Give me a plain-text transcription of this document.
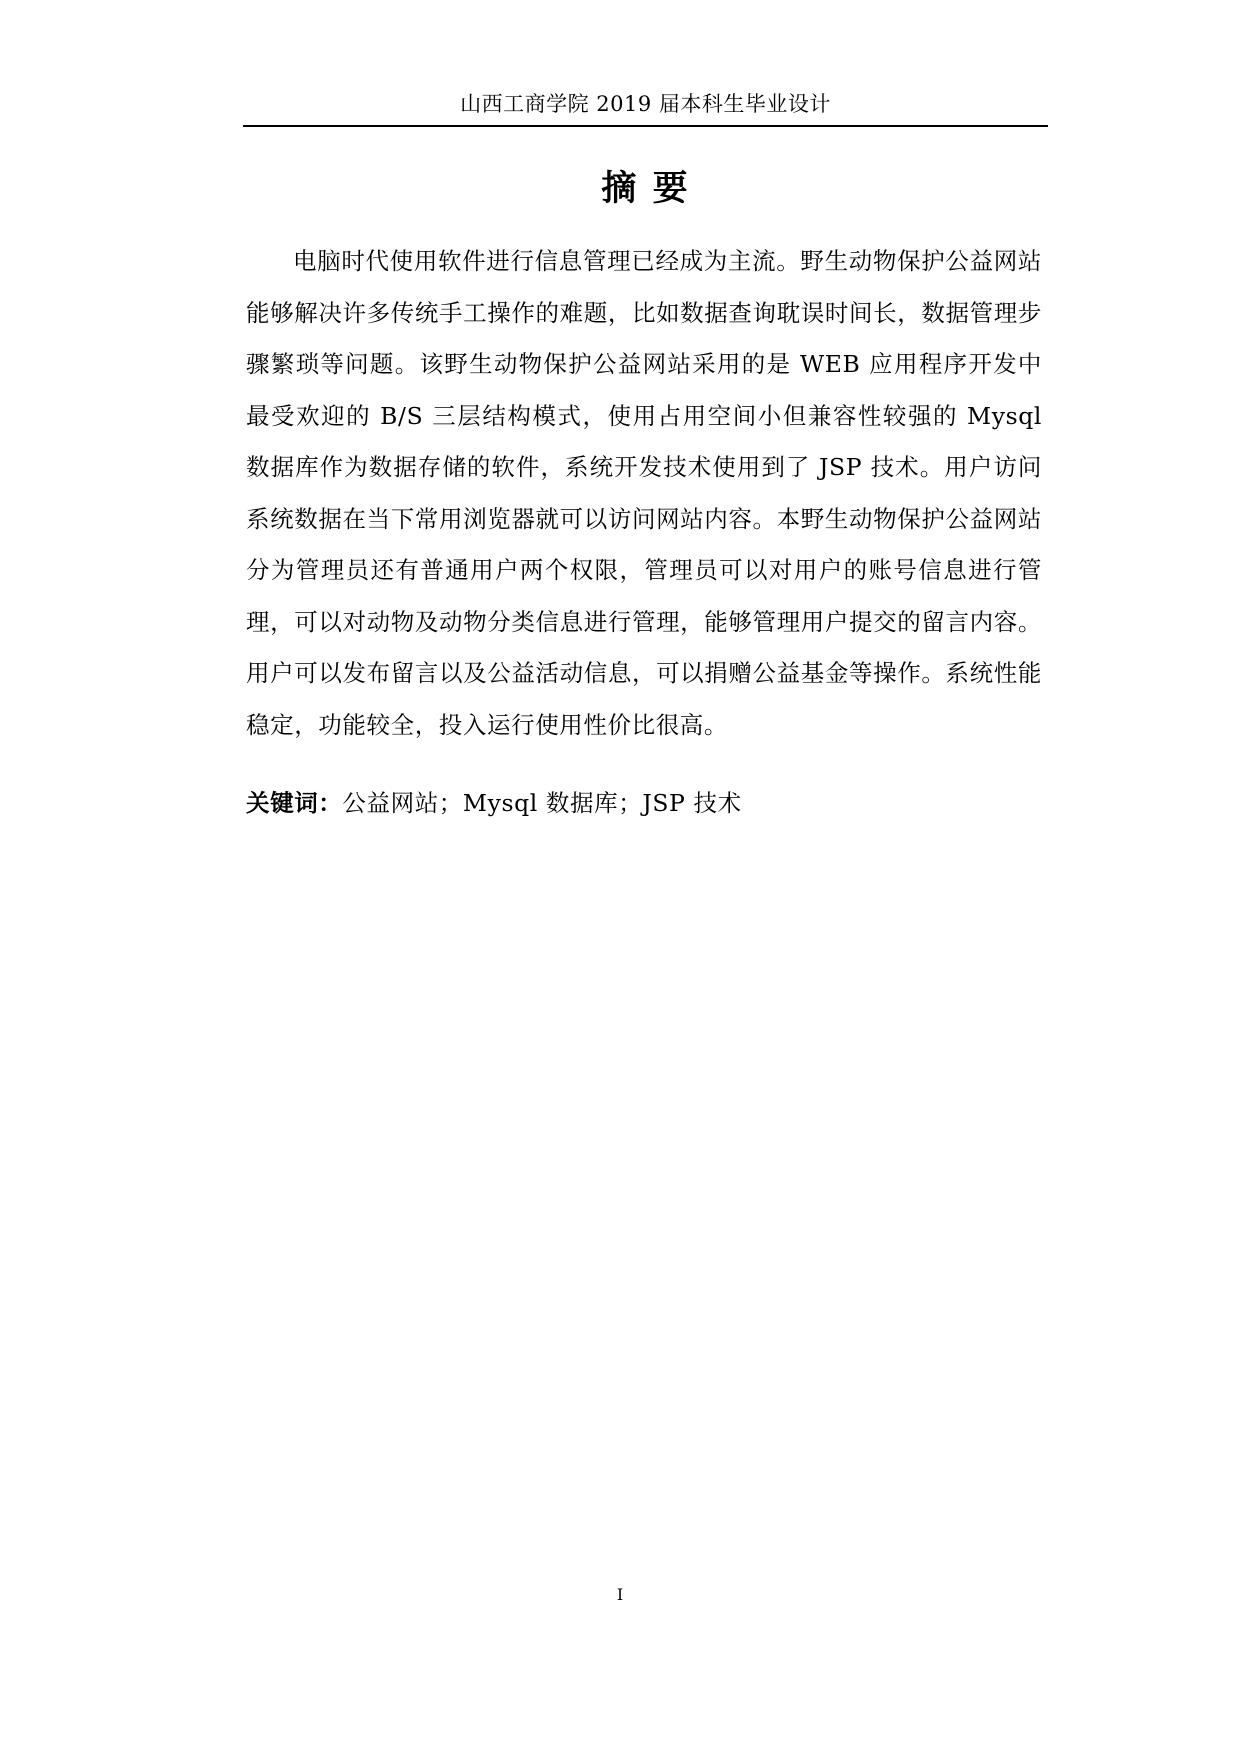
山西工商学院 2019 届本科生毕业设计
摘 要

电脑时代使用软件进行信息管理已经成为主流。野生动物保护公益网站能够解决许多传统手工操作的难题，比如数据查询耽误时间长，数据管理步骤繁琐等问题。该野生动物保护公益网站采用的是 WEB 应用程序开发中最受欢迎的 B/S 三层结构模式，使用占用空间小但兼容性较强的 Mysql 数据库作为数据存储的软件，系统开发技术使用到了 JSP 技术。用户访问系统数据在当下常用浏览器就可以访问网站内容。本野生动物保护公益网站分为管理员还有普通用户两个权限，管理员可以对用户的账号信息进行管理，可以对动物及动物分类信息进行管理，能够管理用户提交的留言内容。用户可以发布留言以及公益活动信息，可以捐赠公益基金等操作。系统性能稳定，功能较全，投入运行使用性价比很高。

关键词：公益网站；Mysql 数据库；JSP 技术
I
